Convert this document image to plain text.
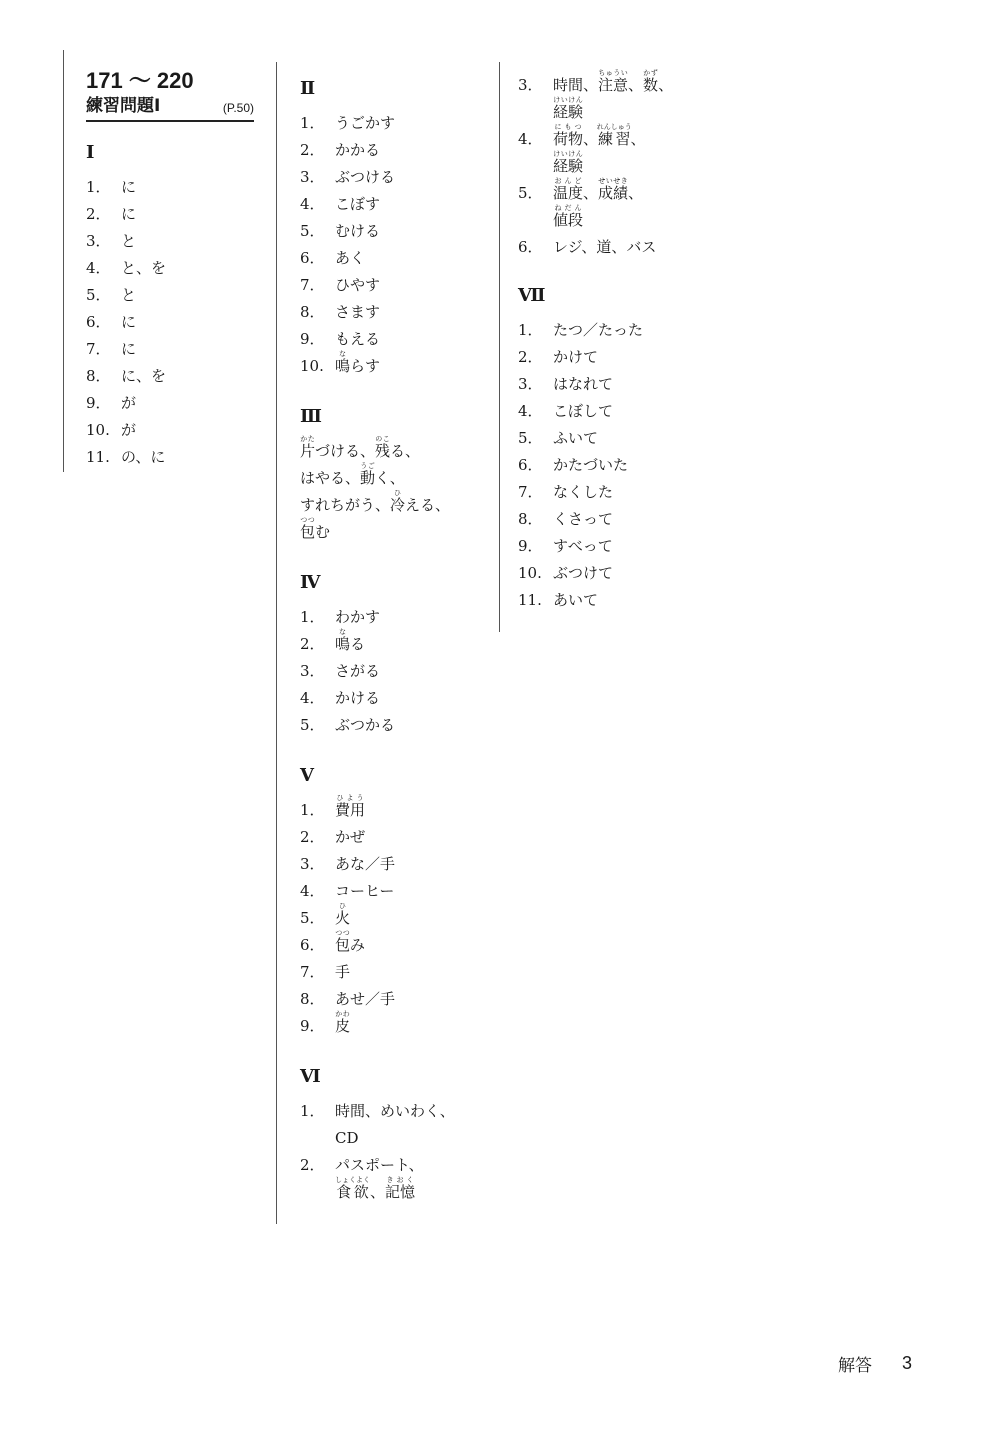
171 ～ 220
練習問題Ⅰ	(P.50)
Ⅰ
1． に
2． に
3． と
4． と、を
5． と
6． に
7． に
8． に、を
9． が
10. が
11. の、に
Ⅱ
1． うごかす
2． かかる
3． ぶつける
4． こぼす
5． むける
6． あく
7． ひやす
8． さます
9． もえる
10. 鳴ならす
Ⅲ
片かた
づける、 残のこ
る、
はやる、 動うご
く、
すれちがう、 冷ひ
える、
包つつ
む
Ⅳ
1． わかす
2． 鳴なる
3． さがる
4． かける
5． ぶつかる
Ⅴ
1． 費用ひよう
2． かぜ
3． あな／手
4． コーヒー
5． 火ひ
6． 包つつみ
7． 手
8． あせ／手
9． 皮かわ
Ⅵ
1． 時間、めいわく、
CD
2． パスポート、
食欲しょくよく
、 記憶きおく
3． 時間、注意ちゅうい、数かず、
経験けいけん
4． 荷物にもつ、練習れんしゅう、
経験けいけん
5． 温度おんど、成績せいせき、
値段ねだん
6． レジ、道、バス
Ⅶ
1． たつ／たった
2． かけて
3． はなれて
4． こぼして
5． ふいて
6． かたづいた
7． なくした
8． くさって
9． すべって
10. ぶつけて
11. あいて
解答 3
